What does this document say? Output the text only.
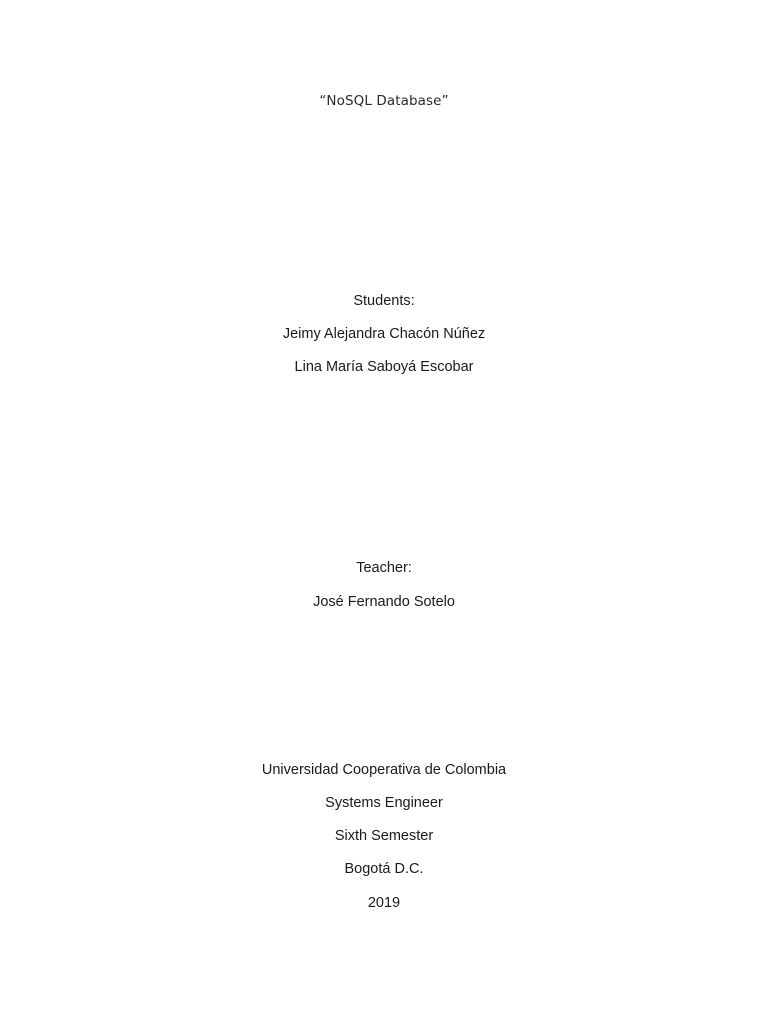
“NoSQL Database”
Students:
Jeimy Alejandra Chacón Núñez
Lina María Saboyá Escobar
Teacher:
José Fernando Sotelo
Universidad Cooperativa de Colombia
Systems Engineer
Sixth Semester
Bogotá D.C.
2019
